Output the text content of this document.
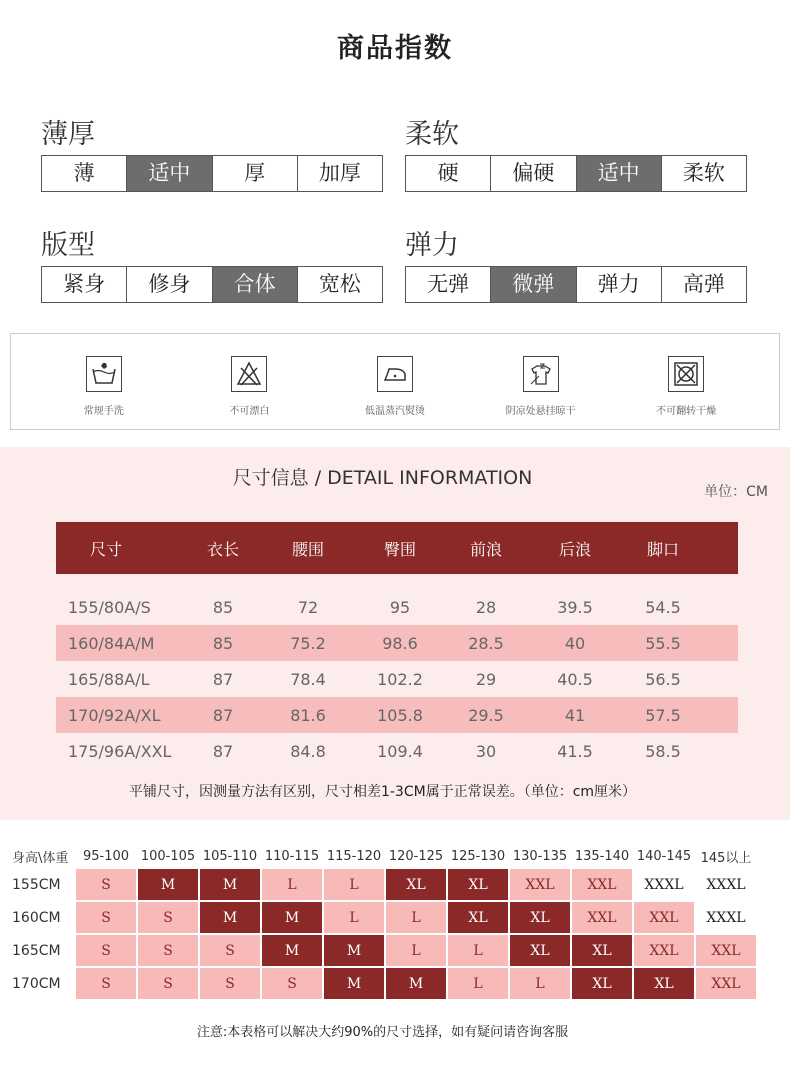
商品指数
薄厚
薄	适中	厚	加厚
柔软
硬	偏硬	适中	柔软
版型
紧身	修身	合体	宽松
弹力
无弹	微弹	弹力	高弹
常规手洗	不可漂白	低温蒸汽熨烫	阴凉处悬挂晾干	不可翻转干燥
尺寸信息 / DETAIL INFORMATION
单位：CM
尺寸	衣长	腰围	臀围	前浪	后浪	脚口
155/80A/S	85	72	95	28	39.5	54.5
160/84A/M	85	75.2	98.6	28.5	40	55.5
165/88A/L	87	78.4	102.2	29	40.5	56.5
170/92A/XL	87	81.6	105.8	29.5	41	57.5
175/96A/XXL	87	84.8	109.4	30	41.5	58.5
平铺尺寸，因测量方法有区别，尺寸相差1-3CM属于正常误差。（单位：cm厘米）
身高\体重	95-100	100-105	105-110	110-115	115-120	120-125	125-130	130-135	135-140	140-145	145以上
155CM	S	M	M	L	L	XL	XL	XXL	XXL	XXXL	XXXL
160CM	S	S	M	M	L	L	XL	XL	XXL	XXL	XXXL
165CM	S	S	S	M	M	L	L	XL	XL	XXL	XXL
170CM	S	S	S	S	M	M	L	L	XL	XL	XXL
注意:本表格可以解决大约90%的尺寸选择，如有疑问请咨询客服
